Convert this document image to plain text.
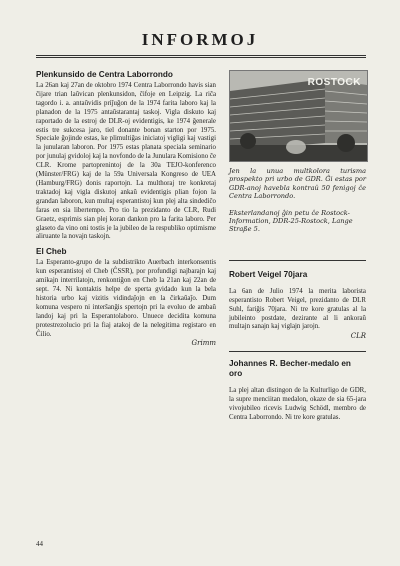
INFORMOJ
Plenkunsido de Centra Laborrondo

La 26an kaj 27an de oktobro 1974 Centra Laborrondo havis sian ĉijare trian laŭvican plenkunsidon, ĉifoje en Leipzig. La riĉa tagordo i. a. antaŭvidis priĵuĝon de la 1974 farita laboro kaj la planadon de la 1975 antaŭstarantaj taskoj. Vigla diskuto kaj raportado de la estroj de DLR-oj evidentigis, ke 1974 ĝenerale estis tre sukcesa jaro, tiel donante bonan starton por 1975. Speciale ĝojinde estas, ke plimultiĝas iniciatoj vigligi kaj vastigi la junularan laboron. Por 1975 estas planata speciala seminario por junulaj gvidoloj kaj la novfondo de la Junulara Komisiono ĉe CLR. Krome partoprenintoj de la 30a TEJO-konferenco (Münster/FRG) kaj de la 59a Universala Kongreso de UEA (Hamburg/FRG) donis raportojn. La multhoraj tre konkretaj traktadoj kaj vigla diskutoj ankaŭ evidentigis plian fojon la grandan laboron, kun multaj esperantistoj kun plej alta sindediĉo faras en sia libertempo. Pro tio la prezidanto de CLR, Rudi Graetz, esprimis sian plej koran dankon pro la farita laboro. Per glaseto da vino oni tostis je la jubileo de la respubliko optimisme aliruante la novajn taskojn.

El Cheb

La Esperanto-grupo de la subdistrikto Auerbach interkonsentis kun esperantistoj el Cheb (ĈSSR), por profundigi najbarajn kaj amikajn interrilatojn, renkontiĝon en Cheb la 21an kaj 22an de sept. 74. Ni kontaktis helpe de sperta gvidado kun la bela historia urbo kaj vizitis vidindaĵojn en la ĉirkaŭaĵo. Dum komuna vespero ni interŝanĝis spertojn pri la evoluo de ambaŭ landoj kaj pri la Esperantolaboro. Unuece decidita komuna protestrezolucio pri la fiaj atakoj de la nelegitima registaro en Ĉilio.

Grimm
ROSTOCK
Jen la unua multkolora turisma prospekto pri urbo de GDR. Ĝi estas por GDR-anoj havebla kontraŭ 50 fenigoj ĉe Centra Laborrondo.
Eksterlandanoj ĝin petu ĉe Rostock-Information, DDR-25-Rostock, Lange Straße 5.
Robert Veigel 70jara

La 6an de Julio 1974 la merita laboristа esperantisto Robert Veigel, prezidanto de DLR Suhl, fariĝis 70jara. Ni tre kore gratulas al la jubileinto postdate, dezirante al li ankoraŭ multajn sanajn kaj viglajn jarojn.

CLR
Johannes R. Becher-medalo en oro

La plej altan distingon de la Kulturligo de GDR, la supre menciitan medalon, okaze de sia 65-jara vivojubileo ricevis Ludwig Schödl, membro de Centra Laborrondo. Ni tre kore gratulas.

44
